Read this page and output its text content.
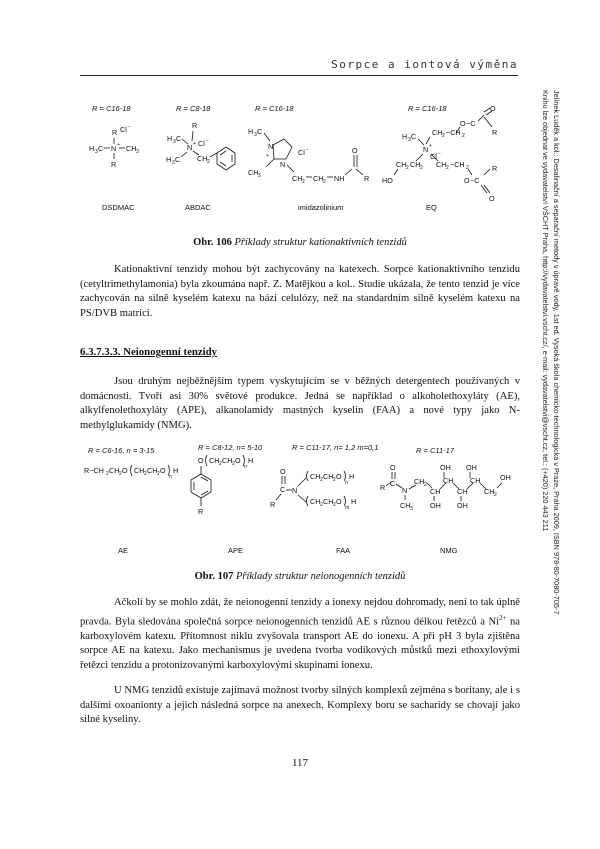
Sorpce a iontová výměna
Jelínek Luděk a kol.: Desalinační a separační metody v úpravě vody, 1st ed. Vysoká škola chemicko-technologická v Praze, Praha 2009, ISBN 978-80-7080-705-7
Knihu lze objednat ve vydavatelství VŠCHT Praha, http://vydavatelstvi.vscht.cz/, e-mail: vydavatelstvi@vscht.cz, tel.: (+420) 220 443 211
R = C16-18	R = C8-18	R = C16-18	R = C16-18
R Cl −
H 3 C N + CH 3
R
R
H 3 C
N + Cl −
H 3 C CH 2
H 3 C
N
+
N
CH 3
Cl −
CH 2 CH 2 NH
O
R
O
O −C
R
CH 2 −CH 2
H 3 C
N +
Cl −
CH 2 CH 2
HO
CH 2 −CH 2	R
O −C
O
DSDMAC	ABDAC	imidazolinium	EQ
Obr. 106 Příklady struktur kationaktivních tenzidů
Kationaktivní tenzidy mohou být zachycovány na katexech. Sorpce kationaktivního tenzidu (cetyltrimethylamonia) byla zkoumána např. Z. Matějkou a kol.. Studie ukázala, že tento tenzid je více zachycován na silně kyselém katexu na bázi celulózy, než na standardním silně kyselém katexu na PS/DVB matrici.
6.3.7.3.3. Neionogenní tenzidy
Jsou druhým nejběžnějším typem vyskytujícím se v běžných detergentech používaných v domácnosti. Tvoří asi 30% světové produkce. Jedná se například o alkoholethoxyláty (AE), alkylfenolethoxyláty (APE), alkanolamidy mastných kyselin (FAA) a nové typy jako N-methylglukamidy (NMG).
R = C6-16, n = 3-15	R = C8-12, n= 5-10	R = C11-17, n= 1,2 m=0,1	R = C11-17
R−CH 2 CH 2 O CH 2 CH 2 O
n
H
O CH 2 CH 2 O
n
H
R
O
C N
R
CH 2 CH 2 O
n
H
CH 2 CH 2 O
m
H
O
R C
N
CH 3
CH 2
CH
OH
CH
OH
CH
OH
OH
CH
CH 2
OH
AE	APE	FAA	NMG
Obr. 107 Příklady struktur neionogenních tenzidů
Ačkoli by se mohlo zdát, že neionogenní tenzidy a ionexy nejdou dohromady, není to tak úplně pravda. Byla sledována společná sorpce neionogenních tenzidů AE s různou délkou řetězců a $Ni^{2+}$ na karboxylovém katexu. Přítomnost niklu zvyšovala transport AE do ionexu. A při pH 3 byla zjištěna sorpce AE na katexu. Jako mechanismus je uvedena tvorba vodíkových můstků mezi ethoxylovými řetězci tenzidu a protonizovanými karboxylovými skupinami ionexu.
U NMG tenzidů existuje zajímavá možnost tvorby silných komplexů zejména s boritany, ale i s dalšími oxoanionty a jejich následná sorpce na anexech. Komplexy boru se sacharidy se chovají jako silné kyseliny.
117
